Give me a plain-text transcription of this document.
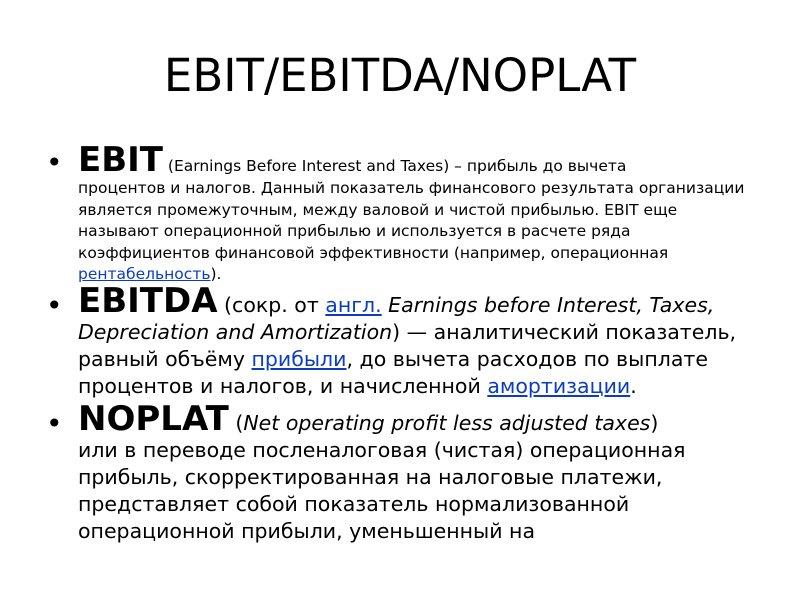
EBIT/EBITDA/NOPLAT
• EBIT (Earnings Before Interest and Taxes) – прибыль до вычета
процентов и налогов. Данный показатель финансового результата организации является промежуточным, между валовой и чистой прибылью. EBIT еще называют операционной прибылью и используется в расчете ряда коэффициентов финансовой эффективности (например, операционная рентабельность).
• EBITDA (сокр. от англ. Earnings before Interest, Taxes, Depreciation and Amortization) — аналитический показатель, равный объёму прибыли, до вычета расходов по выплате процентов и налогов, и начисленной амортизации.
• NOPLAT (Net operating profit less adjusted taxes)
или в переводе посленалоговая (чистая) операционная прибыль, скорректированная на налоговые платежи, представляет собой показатель нормализованной операционной прибыли, уменьшенный на
